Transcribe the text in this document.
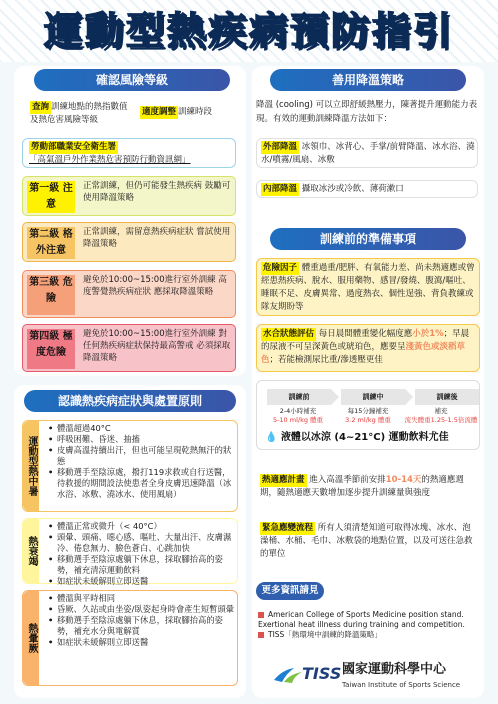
運動型熱疾病預防指引
確認風險等級
查詢 訓練地點的熱指數值及熱危害風險等級
適度調整 訓練時段
勞動部職業安全衛生署
「高氣溫戶外作業熱危害預防行動資訊網」
第一級 注意
正常訓練，但仍可能發生熱疾病 鼓勵可使用降溫策略
第二級 格外注意
正常訓練，需留意熱疾病症狀 嘗試使用降溫策略
第三級 危險
避免於10:00~15:00進行室外訓練 高度警覺熱疾病症狀 應採取降溫策略
第四級 極度危險
避免於10:00~15:00進行室外訓練 對任何熱疾病症狀保持最高警戒 必須採取降溫策略
認識熱疾病症狀與處置原則
運動型熱中暑
• 體溫超過40°C
• 呼吸困難、昏迷、抽搐
• 皮膚高溫持續出汗，但也可能呈現乾熱無汗的狀態
• 移動選手至陰涼處，撥打119求救或自行送醫，待救援的期間設法使患者全身皮膚迅速降溫（冰水浴、冰敷、澆冰水、使用風扇）
熱衰竭
• 體溫正常或微升（< 40°C）
• 頭暈、頭痛、噁心感、嘔吐、大量出汗、皮膚濕冷、倦怠無力、臉色蒼白、心跳加快
• 移動選手至陰涼處躺下休息，採取腳抬高的姿勢，補充清涼運動飲料
• 如症狀未緩解則立即送醫
熱暈厥
• 體溫與平時相同
• 昏厥、久站或由坐姿/臥姿起身時會產生短暫頭暈
• 移動選手至陰涼處躺下休息，採取腳抬高的姿勢，補充水分與電解質
• 如症狀未緩解則立即送醫
善用降溫策略
降溫 (cooling) 可以立即舒緩熱壓力，陳著提升運動能力表現。有效的運動訓練降溫方法如下：
外部降溫 冰領巾、冰背心、手掌/前臂降溫、冰水浴、澆水/噴霧/風扇、冰敷
內部降溫 攝取冰沙或冷飲、薄荷漱口
訓練前的準備事項
危險因子 體重過重/肥胖、有氧能力差、尚未熱適應或曾經患熱疾病、脫水、服用藥物、感冒/發燒、腹瀉/嘔吐、睡眠不足、皮膚異常、過度熱衣、個性逞強、背負教練或隊友期盼等
水合狀態評估 每日晨間體重變化幅度應小於1%；早晨的尿液不可呈深黃色或琥珀色，應要呈淺黃色或淡稻草色；若能檢測尿比重/滲透壓更佳
訓練前	訓練中	訓練後
2-4小時補充
5-10 ml/kg 體重
每15分鐘補充
3.2 ml/kg 體重
補充
流失體重1.25-1.5倍流體
💧 液體以冰涼 (4~21°C) 運動飲料尤佳
熱適應計畫 進入高溫季節前安排10-14天的熱適應週期，隨熱適應天數增加逐步提升訓練量與強度
緊急應變流程 所有人須清楚知道可取得冰塊、冰水、泡澡桶、水桶、毛巾、冰敷袋的地點位置，以及可送往急救的單位
更多資訊請見
American College of Sports Medicine position stand. Exertional heat illness during training and competition.
TISS「熱環境中訓練的降溫策略」
TISS 國家運動科學中心
Taiwan Institute of Sports Science
